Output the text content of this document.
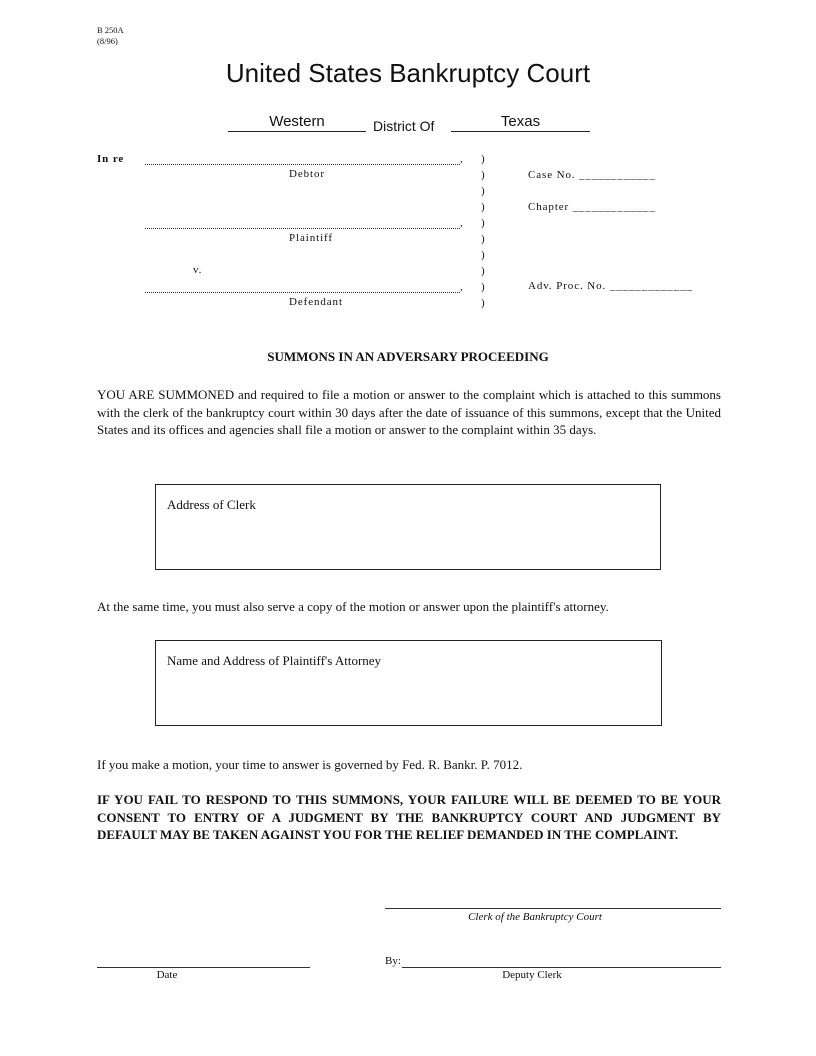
B 250A
(8/96)
United States Bankruptcy Court
Western	District Of	Texas
In re	,
Debtor
,
Plaintiff
v.
,
Defendant
)
)
)
)
)
)
)
)
)
)
Case No. ____________
Chapter _____________
Adv. Proc. No. _____________
SUMMONS IN AN ADVERSARY PROCEEDING
YOU ARE SUMMONED and required to file a motion or answer to the complaint which is attached to this summons with the clerk of the bankruptcy court within 30 days after the date of issuance of this summons, except that the United States and its offices and agencies shall file a motion or answer to the complaint within 35 days.
Address of Clerk
At the same time, you must also serve a copy of the motion or answer upon the plaintiff's attorney.
Name and Address of Plaintiff's Attorney
If you make a motion, your time to answer is governed by Fed. R. Bankr. P. 7012.
IF YOU FAIL TO RESPOND TO THIS SUMMONS, YOUR FAILURE WILL BE DEEMED TO BE YOUR CONSENT TO ENTRY OF A JUDGMENT BY THE BANKRUPTCY COURT AND JUDGMENT BY DEFAULT MAY BE TAKEN AGAINST YOU FOR THE RELIEF DEMANDED IN THE COMPLAINT.
Clerk of the Bankruptcy Court
By:
Deputy Clerk
Date
